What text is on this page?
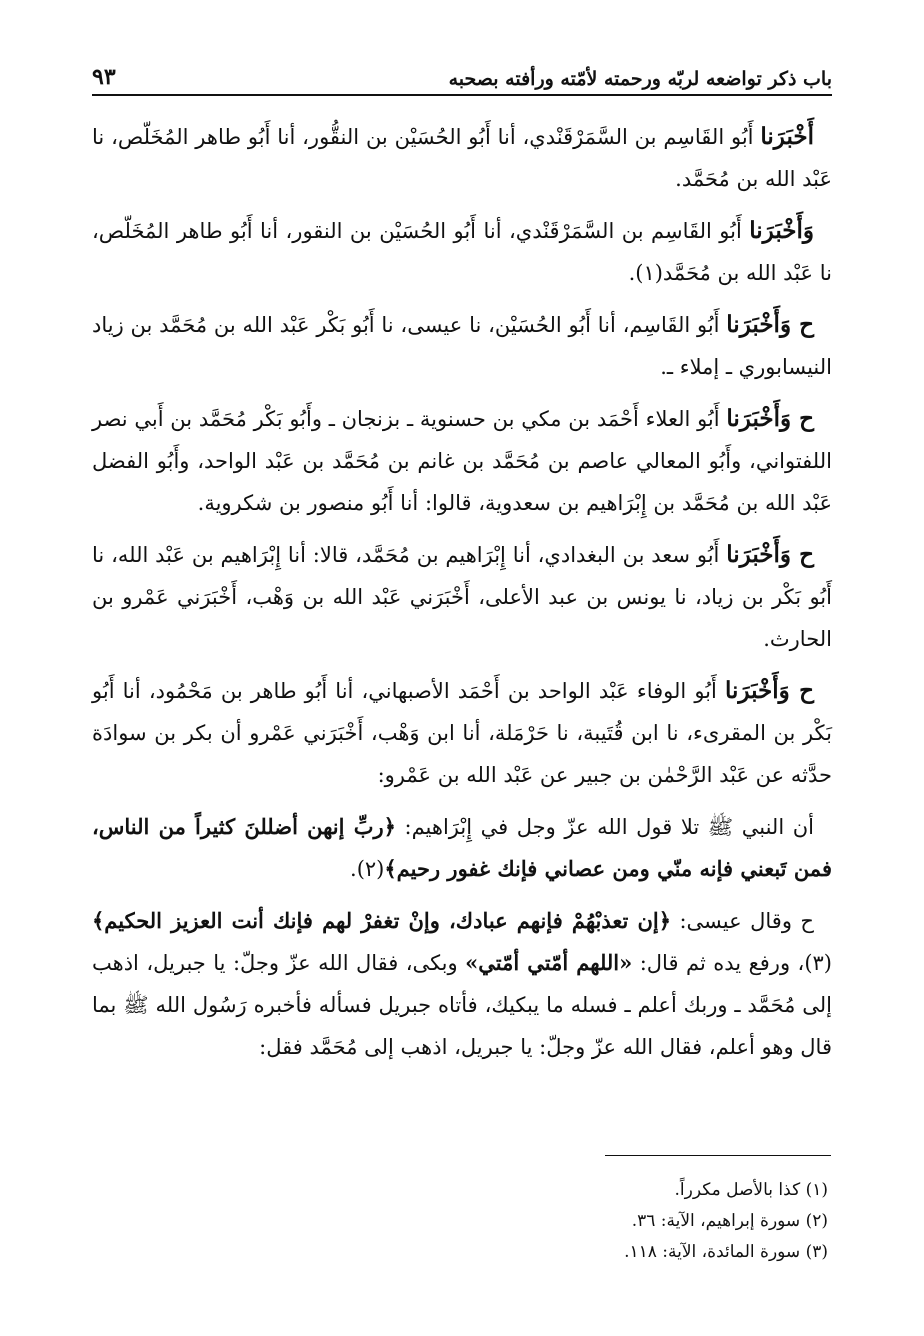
باب ذكر تواضعه لربّه ورحمته لأمّته ورأفته بصحبه
٩٣

أَخْبَرَنا أَبُو القَاسِم بن السَّمَرْقَنْدي، أنا أَبُو الحُسَيْن بن النقُّور، أنا أَبُو طاهر المُخَلّص، نا عَبْد الله بن مُحَمَّد.

وَأَخْبَرَنا أَبُو القَاسِم بن السَّمَرْقَنْدي، أنا أَبُو الحُسَيْن بن النقور، أنا أَبُو طاهر المُخَلّص، نا عَبْد الله بن مُحَمَّد(١).

ح وَأَخْبَرَنا أَبُو القَاسِم، أنا أَبُو الحُسَيْن، نا عيسى، نا أَبُو بَكْر عَبْد الله بن مُحَمَّد بن زياد النيسابوري ـ إملاء ـ.

ح وَأَخْبَرَنا أَبُو العلاء أَحْمَد بن مكي بن حسنوية ـ بزنجان ـ وأَبُو بَكْر مُحَمَّد بن أَبي نصر اللفتواني، وأَبُو المعالي عاصم بن مُحَمَّد بن غانم بن مُحَمَّد بن عَبْد الواحد، وأَبُو الفضل عَبْد الله بن مُحَمَّد بن إِبْرَاهيم بن سعدوية، قالوا: أنا أَبُو منصور بن شكروية.

ح وَأَخْبَرَنا أَبُو سعد بن البغدادي، أنا إِبْرَاهيم بن مُحَمَّد، قالا: أنا إِبْرَاهيم بن عَبْد الله، نا أَبُو بَكْر بن زياد، نا يونس بن عبد الأعلى، أَخْبَرَني عَبْد الله بن وَهْب، أَخْبَرَني عَمْرو بن الحارث.

ح وَأَخْبَرَنا أَبُو الوفاء عَبْد الواحد بن أَحْمَد الأصبهاني، أنا أَبُو طاهر بن مَحْمُود، أنا أَبُو بَكْر بن المقرىء، نا ابن قُتَيبة، نا حَرْمَلة، أنا ابن وَهْب، أَخْبَرَني عَمْرو أن بكر بن سوادَة حدَّثه عن عَبْد الرَّحْمٰن بن جبير عن عَبْد الله بن عَمْرو:

أن النبي ﷺ تلا قول الله عزّ وجل في إِبْرَاهيم: ﴿ربِّ إنهن أضللنَ كثيراً من الناس، فمن تَبعني فإنه منّي ومن عصاني فإنك غفور رحيم﴾(٢).

ح وقال عيسى: ﴿إن تعذبْهُمْ فإنهم عبادك، وإنْ تغفرْ لهم فإنك أنت العزيز الحكيم﴾(٣)، ورفع يده ثم قال: «اللهم أمّتي أمّتي» وبكى، فقال الله عزّ وجلّ: يا جبريل، اذهب إلى مُحَمَّد ـ وربك أعلم ـ فسله ما يبكيك، فأتاه جبريل فسأله فأخبره رَسُول الله ﷺ بما قال وهو أعلم، فقال الله عزّ وجلّ: يا جبريل، اذهب إلى مُحَمَّد فقل:

(١) كذا بالأصل مكرراً.

(٢) سورة إبراهيم، الآية: ٣٦.

(٣) سورة المائدة، الآية: ١١٨.
